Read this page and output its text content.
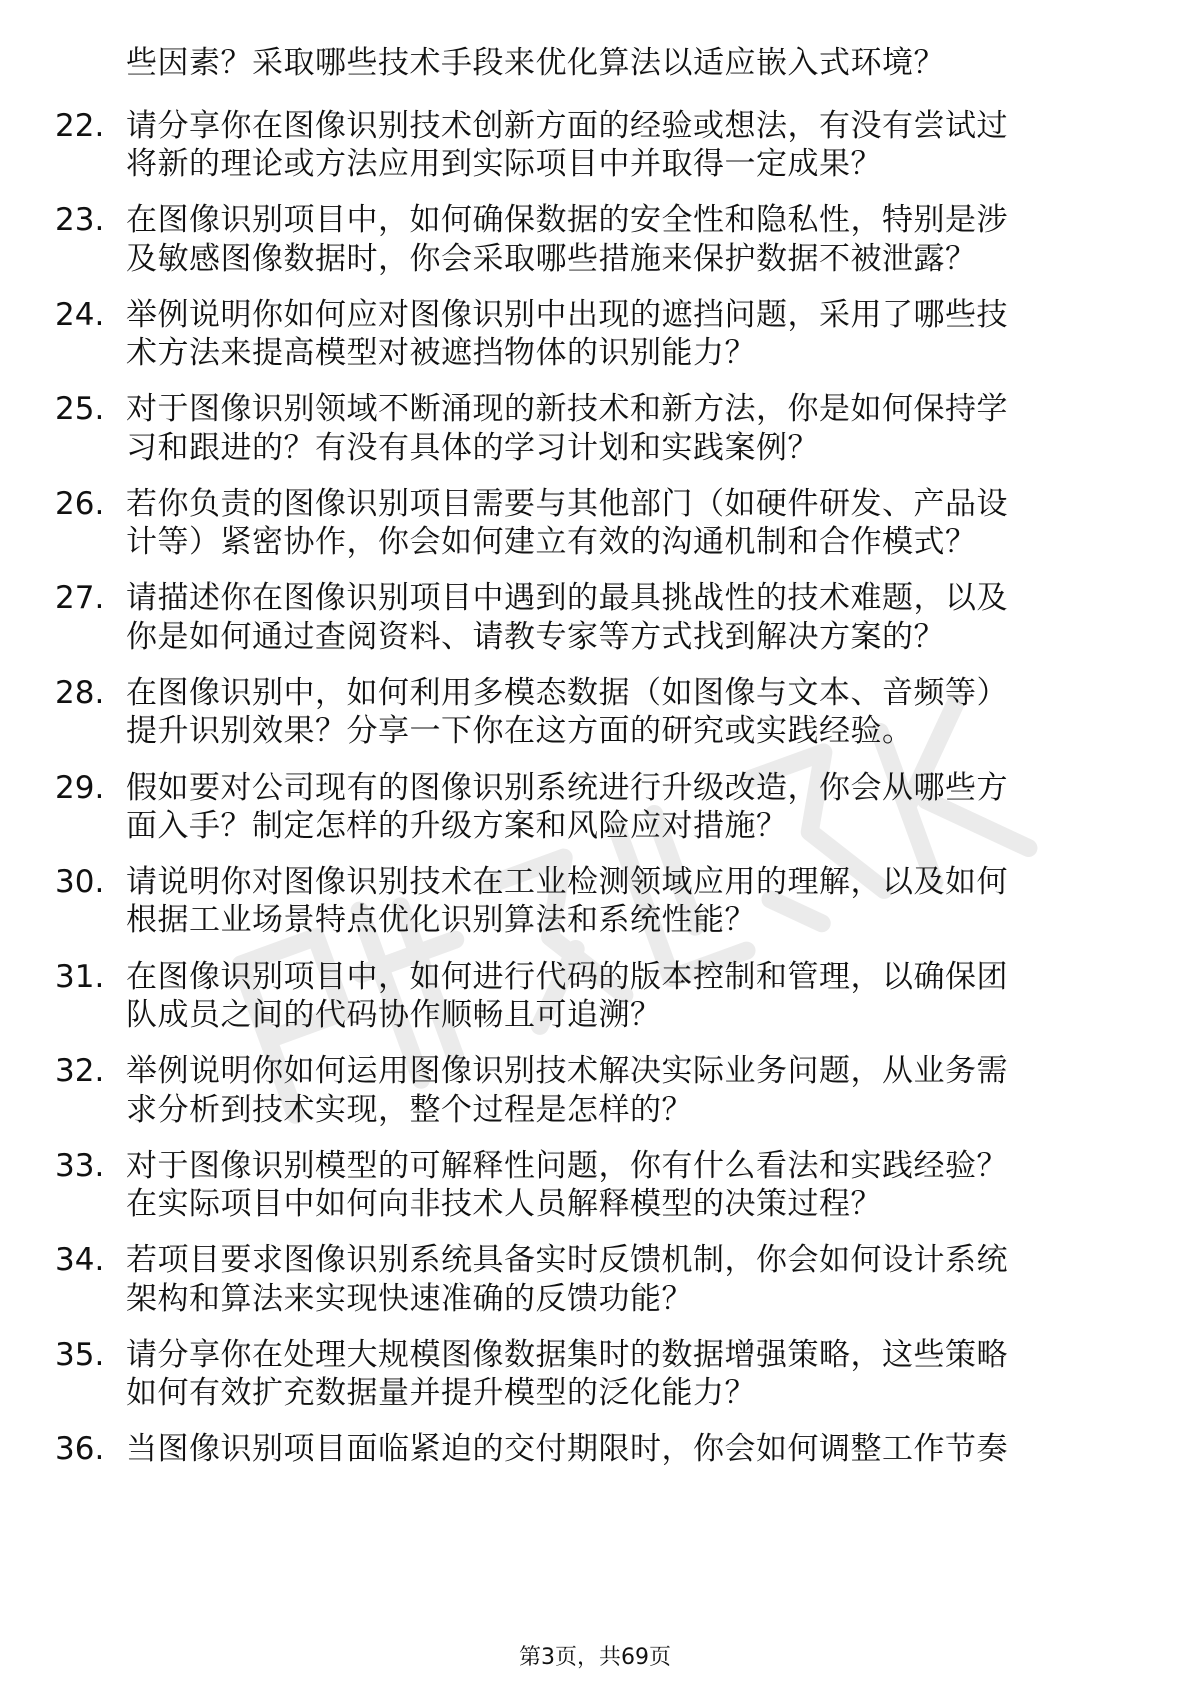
些因素？采取哪些技术手段来优化算法以适应嵌入式环境？
22. 请分享你在图像识别技术创新方面的经验或想法，有没有尝试过
将新的理论或方法应用到实际项目中并取得一定成果？
23. 在图像识别项目中，如何确保数据的安全性和隐私性，特别是涉
及敏感图像数据时，你会采取哪些措施来保护数据不被泄露？
24. 举例说明你如何应对图像识别中出现的遮挡问题，采用了哪些技
术方法来提高模型对被遮挡物体的识别能力？
25. 对于图像识别领域不断涌现的新技术和新方法，你是如何保持学
习和跟进的？有没有具体的学习计划和实践案例？
26. 若你负责的图像识别项目需要与其他部门（如硬件研发、产品设
计等）紧密协作，你会如何建立有效的沟通机制和合作模式？
27. 请描述你在图像识别项目中遇到的最具挑战性的技术难题，以及
你是如何通过查阅资料、请教专家等方式找到解决方案的？
28. 在图像识别中，如何利用多模态数据（如图像与文本、音频等）
提升识别效果？分享一下你在这方面的研究或实践经验。
29. 假如要对公司现有的图像识别系统进行升级改造，你会从哪些方
面入手？制定怎样的升级方案和风险应对措施？
30. 请说明你对图像识别技术在工业检测领域应用的理解，以及如何
根据工业场景特点优化识别算法和系统性能？
31. 在图像识别项目中，如何进行代码的版本控制和管理，以确保团
队成员之间的代码协作顺畅且可追溯？
32. 举例说明你如何运用图像识别技术解决实际业务问题，从业务需
求分析到技术实现，整个过程是怎样的？
33. 对于图像识别模型的可解释性问题，你有什么看法和实践经验？
在实际项目中如何向非技术人员解释模型的决策过程？
34. 若项目要求图像识别系统具备实时反馈机制，你会如何设计系统
架构和算法来实现快速准确的反馈功能？
35. 请分享你在处理大规模图像数据集时的数据增强策略，这些策略
如何有效扩充数据量并提升模型的泛化能力？
36. 当图像识别项目面临紧迫的交付期限时，你会如何调整工作节奏
第3页，共69页
